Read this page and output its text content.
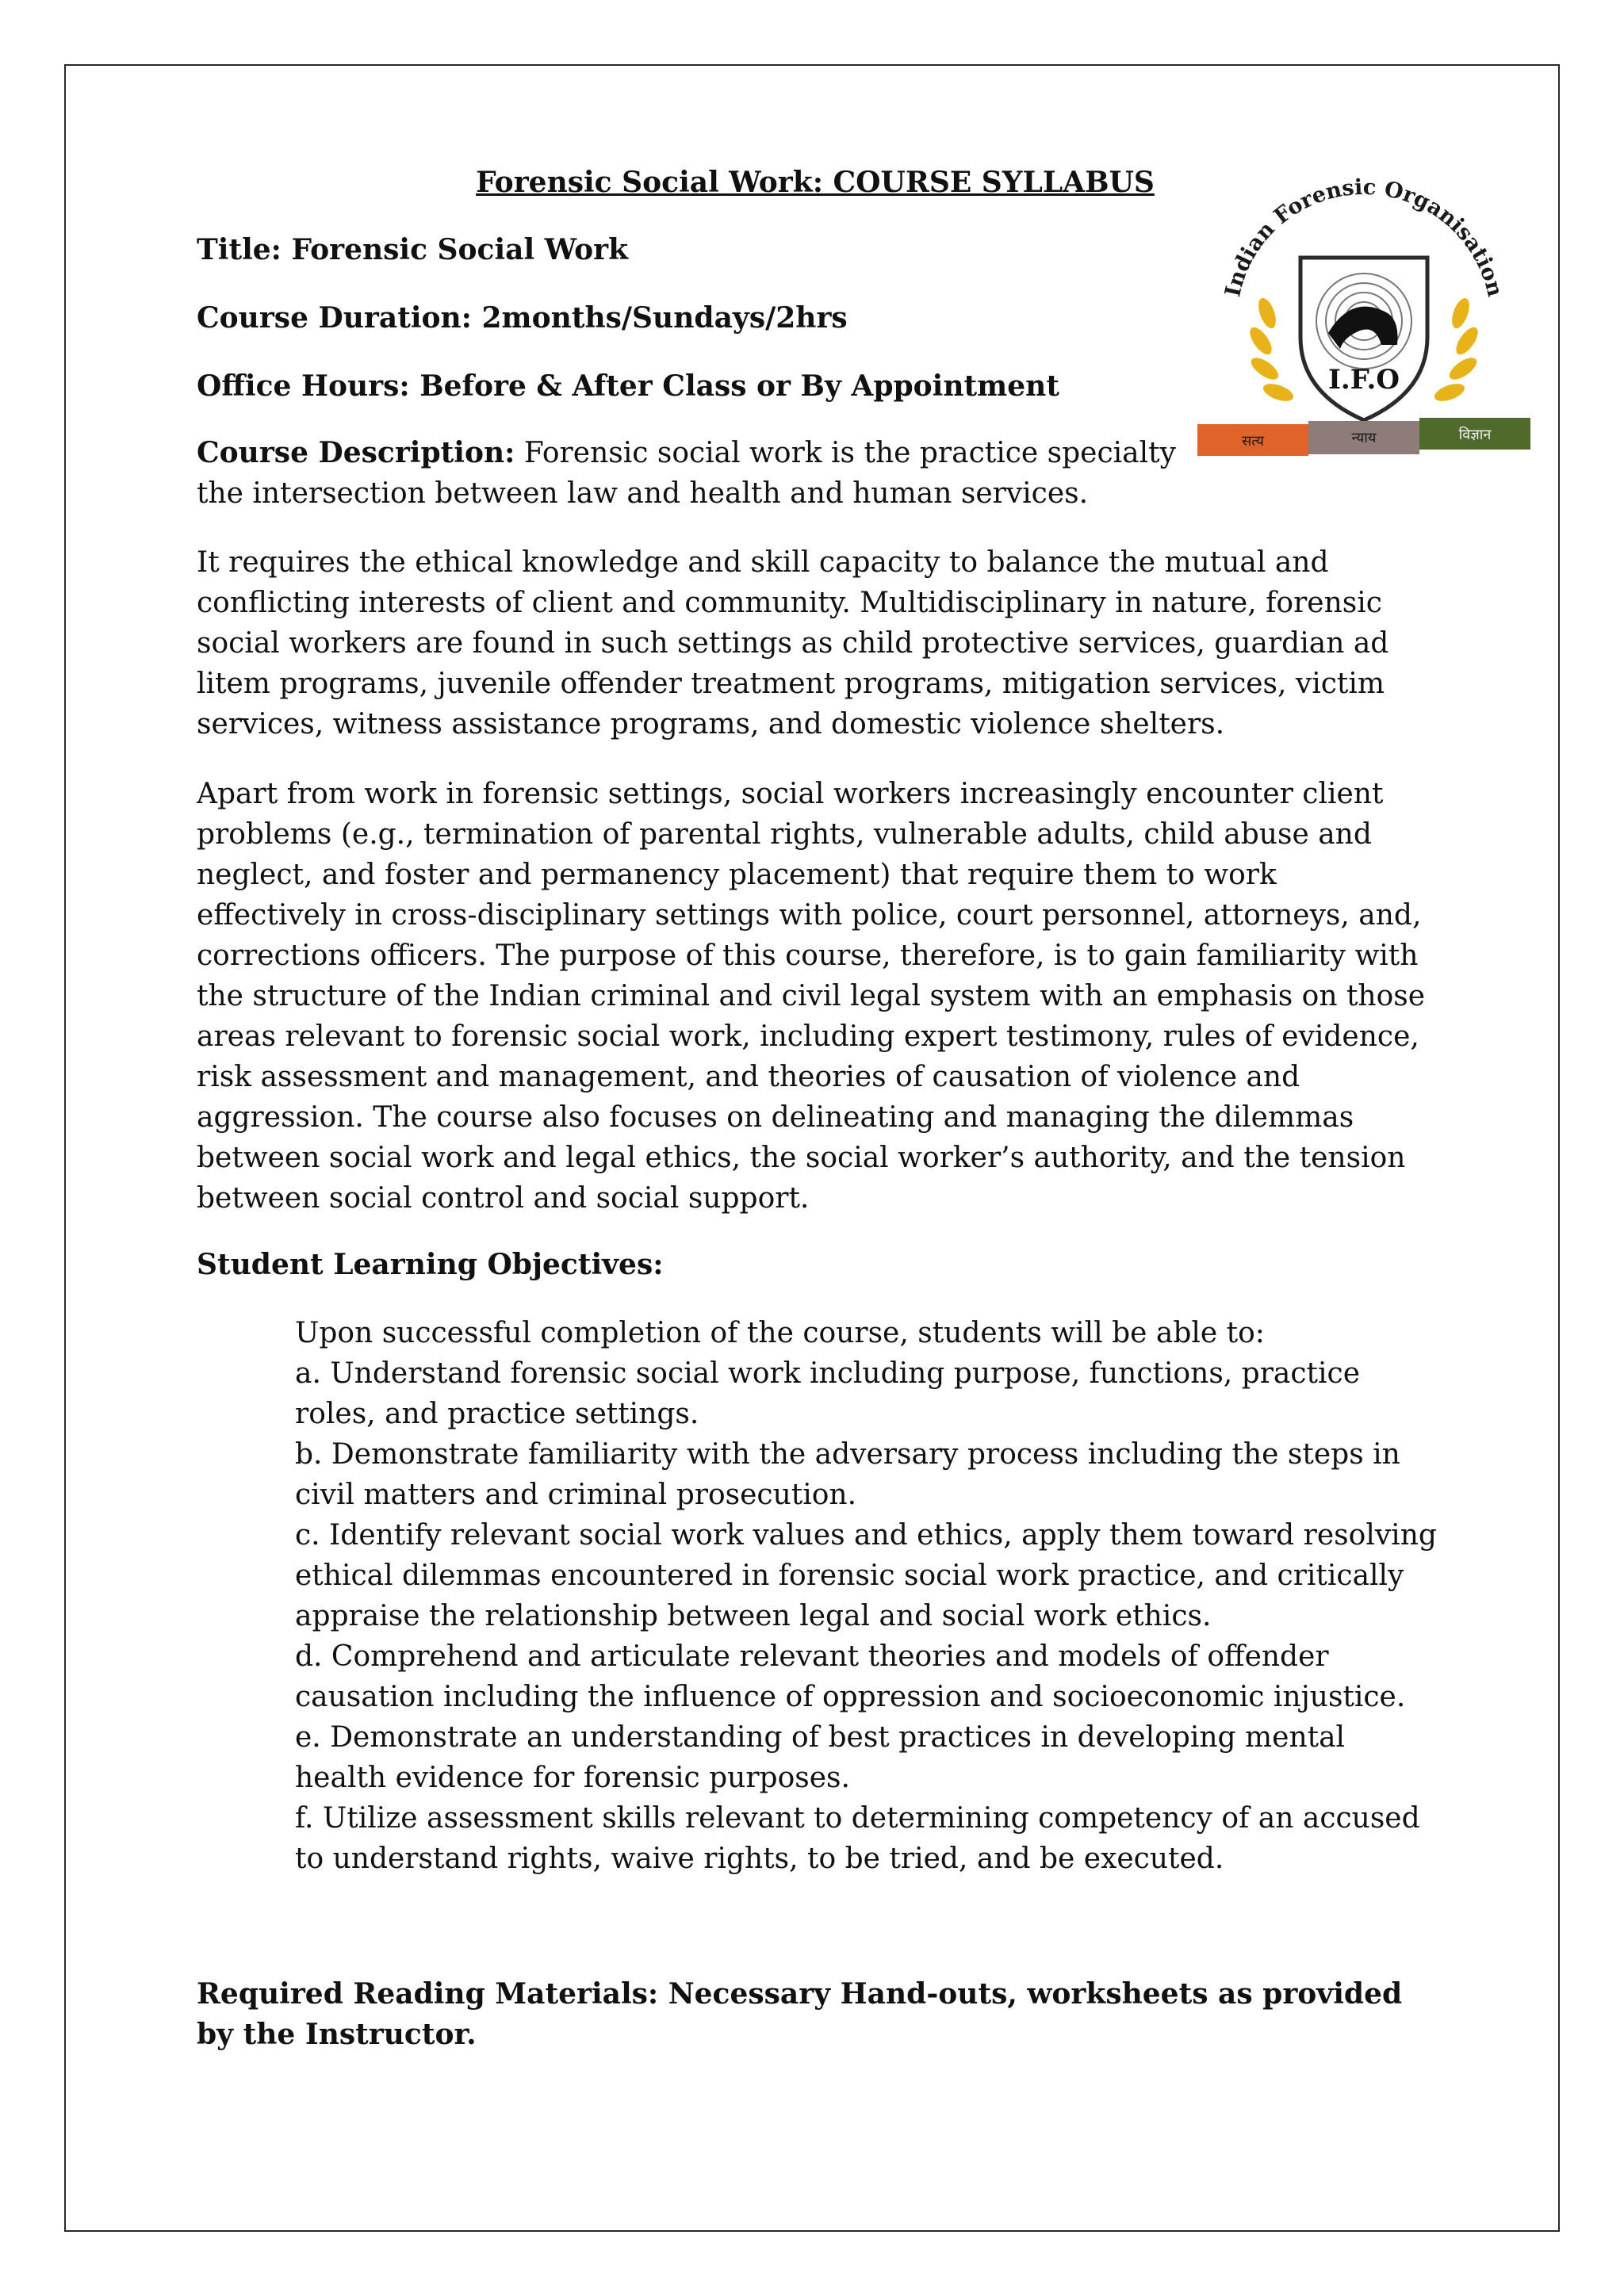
Forensic Social Work: COURSE SYLLABUS

Title: Forensic Social Work

Course Duration: 2months/Sundays/2hrs

Office Hours: Before & After Class or By Appointment

Course Description: Forensic social work is the practice specialty
the intersection between law and health and human services.

It requires the ethical knowledge and skill capacity to balance the mutual and conflicting interests of client and community. Multidisciplinary in nature, forensic social workers are found in such settings as child protective services, guardian ad litem programs, juvenile offender treatment programs, mitigation services, victim services, witness assistance programs, and domestic violence shelters.

Apart from work in forensic settings, social workers increasingly encounter client problems (e.g., termination of parental rights, vulnerable adults, child abuse and neglect, and foster and permanency placement) that require them to work effectively in cross-disciplinary settings with police, court personnel, attorneys, and, corrections officers. The purpose of this course, therefore, is to gain familiarity with the structure of the Indian criminal and civil legal system with an emphasis on those areas relevant to forensic social work, including expert testimony, rules of evidence, risk assessment and management, and theories of causation of violence and aggression. The course also focuses on delineating and managing the dilemmas between social work and legal ethics, the social worker’s authority, and the tension between social control and social support.

Student Learning Objectives:
Upon successful completion of the course, students will be able to:
a. Understand forensic social work including purpose, functions, practice roles, and practice settings.
b. Demonstrate familiarity with the adversary process including the steps in civil matters and criminal prosecution.
c. Identify relevant social work values and ethics, apply them toward resolving ethical dilemmas encountered in forensic social work practice, and critically appraise the relationship between legal and social work ethics.
d. Comprehend and articulate relevant theories and models of offender causation including the influence of oppression and socioeconomic injustice.
e. Demonstrate an understanding of best practices in developing mental health evidence for forensic purposes.
f. Utilize assessment skills relevant to determining competency of an accused to understand rights, waive rights, to be tried, and be executed.

Required Reading Materials: Necessary Hand-outs, worksheets as provided by the Instructor.

Indian Forensic Organisation
I.F.O
सत्य	न्याय	विज्ञान
